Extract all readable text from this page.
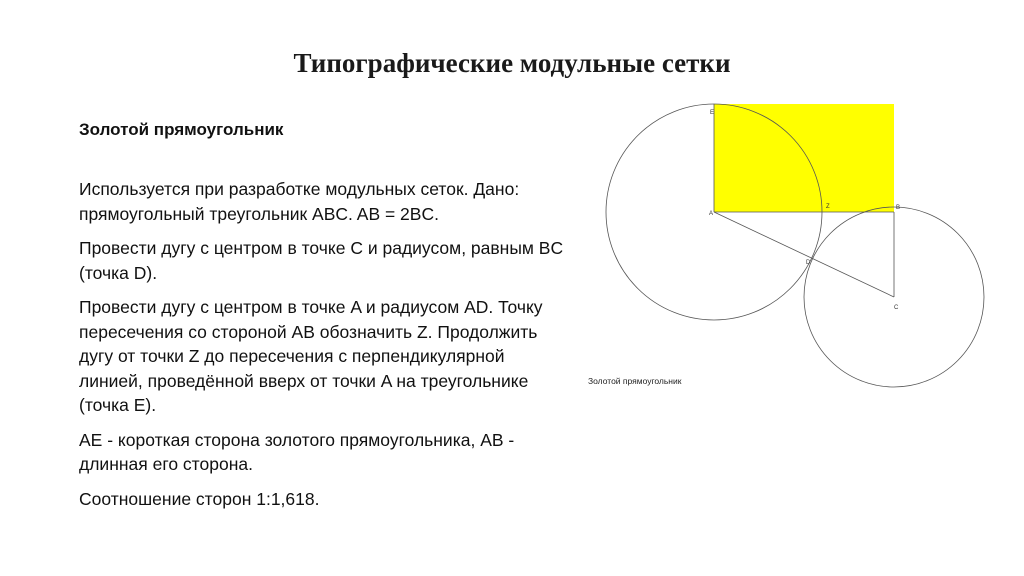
Типографические модульные сетки
Золотой прямоугольник

Используется при разработке модульных сеток. Дано: прямоугольный треугольник ABC. AB = 2BC.

Провести дугу с центром в точке С и радиусом, равным BC (точка D).

Провести дугу с центром в точке A и радиусом AD. Точку пересечения со стороной AB обозначить Z. Продолжить дугу от точки Z до пересечения с перпендикулярной линией, проведённой вверх от точки A на треугольнике (точка E).

AE - короткая сторона золотого прямоугольника, AB - длинная его сторона.

Соотношение сторон 1:1,618.

E
A
Z	B
D
C
Золотой прямоугольник
